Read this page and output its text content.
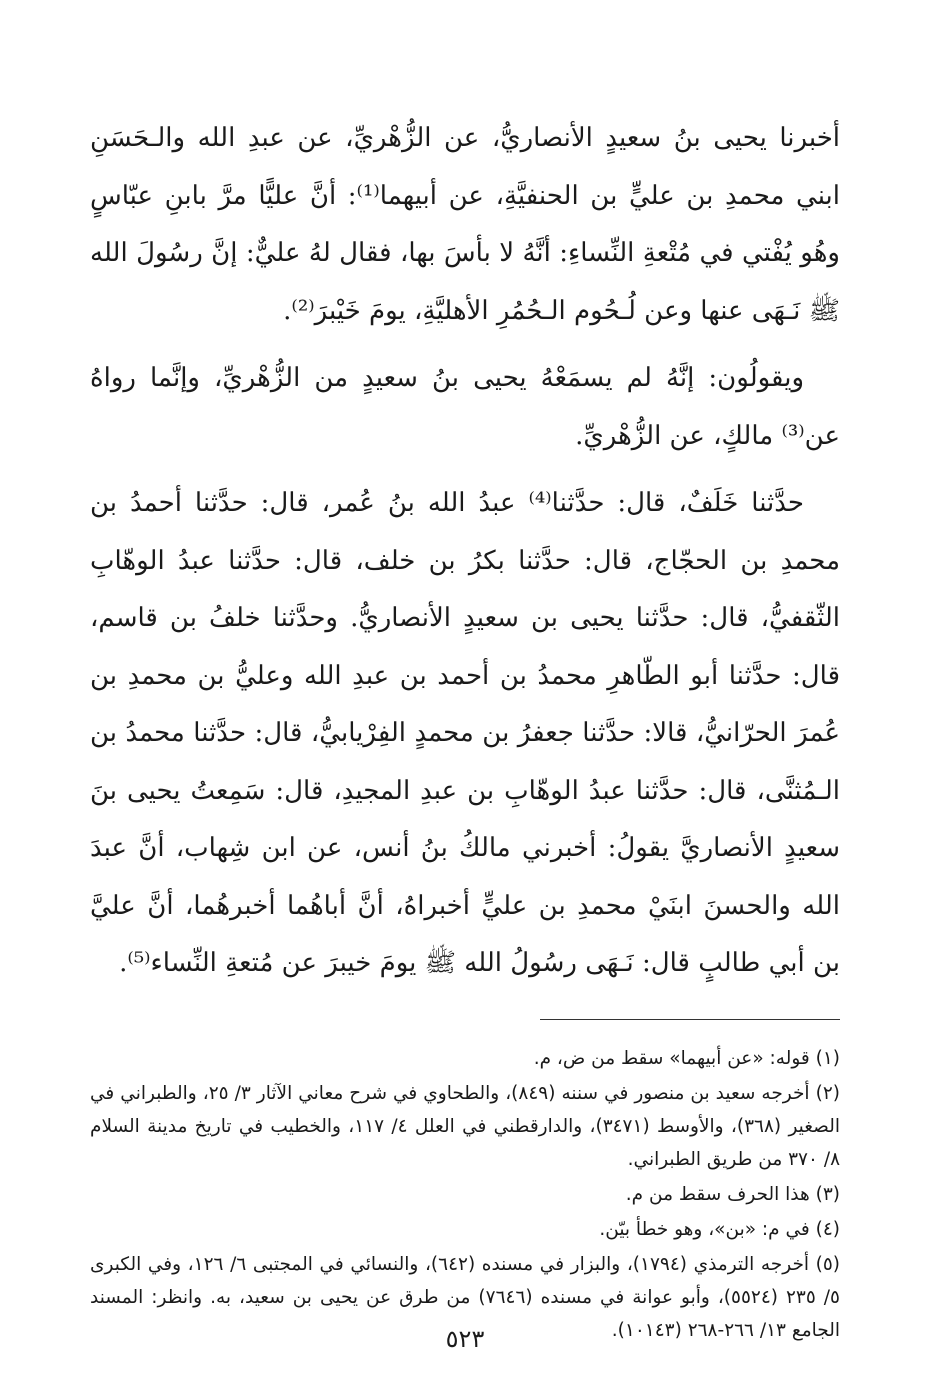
أخبرنا يحيى بنُ سعيدٍ الأنصاريُّ، عن الزُّهْريِّ، عن عبدِ الله والـحَسَنِ ابني محمدِ بن عليٍّ بن الحنفيَّةِ، عن أبيهما⁽¹⁾: أنَّ عليًّا مرَّ بابنِ عبّاسٍ وهُو يُفْتي في مُتْعةِ النِّساءِ: أنَّهُ لا بأسَ بها، فقال لهُ عليٌّ: إنَّ رسُولَ الله ﷺ نَـهَى عنها وعن لُـحُوم الـحُمُرِ الأهليَّةِ، يومَ خَيْبرَ⁽²⁾.

ويقولُون: إنَّهُ لم يسمَعْهُ يحيى بنُ سعيدٍ من الزُّهْريِّ، وإنَّما رواهُ عن⁽³⁾ مالكٍ، عن الزُّهْريِّ.

حدَّثنا خَلَفٌ، قال: حدَّثنا⁽⁴⁾ عبدُ الله بنُ عُمر، قال: حدَّثنا أحمدُ بن محمدِ بن الحجّاج، قال: حدَّثنا بكرُ بن خلف، قال: حدَّثنا عبدُ الوهّابِ الثّقفيُّ، قال: حدَّثنا يحيى بن سعيدٍ الأنصاريُّ. وحدَّثنا خلفُ بن قاسم، قال: حدَّثنا أبو الطّاهرِ محمدُ بن أحمد بن عبدِ الله وعليُّ بن محمدِ بن عُمرَ الحرّانيُّ، قالا: حدَّثنا جعفرُ بن محمدٍ الفِرْيابيُّ، قال: حدَّثنا محمدُ بن الـمُثنَّى، قال: حدَّثنا عبدُ الوهّابِ بن عبدِ المجيدِ، قال: سَمِعتُ يحيى بنَ سعيدٍ الأنصاريَّ يقولُ: أخبرني مالكُ بنُ أنس، عن ابن شِهاب، أنَّ عبدَ الله والحسنَ ابنَيْ محمدِ بن عليٍّ أخبراهُ، أنَّ أباهُما أخبرهُما، أنَّ عليَّ بن أبي طالبٍ قال: نَـهَى رسُولُ الله ﷺ يومَ خيبرَ عن مُتعةِ النِّساء⁽⁵⁾.

(١) قوله: «عن أبيهما» سقط من ض، م.

(٢) أخرجه سعيد بن منصور في سننه (٨٤٩)، والطحاوي في شرح معاني الآثار ٣/ ٢٥، والطبراني في الصغير (٣٦٨)، والأوسط (٣٤٧١)، والدارقطني في العلل ٤/ ١١٧، والخطيب في تاريخ مدينة السلام ٨/ ٣٧٠ من طريق الطبراني.

(٣) هذا الحرف سقط من م.

(٤) في م: «بن»، وهو خطأ بيّن.

(٥) أخرجه الترمذي (١٧٩٤)، والبزار في مسنده (٦٤٢)، والنسائي في المجتبى ٦/ ١٢٦، وفي الكبرى ٥/ ٢٣٥ (٥٥٢٤)، وأبو عوانة في مسنده (٧٦٤٦) من طرق عن يحيى بن سعيد، به. وانظر: المسند الجامع ١٣/ ٢٦٦-٢٦٨ (١٠١٤٣).

٥٢٣
